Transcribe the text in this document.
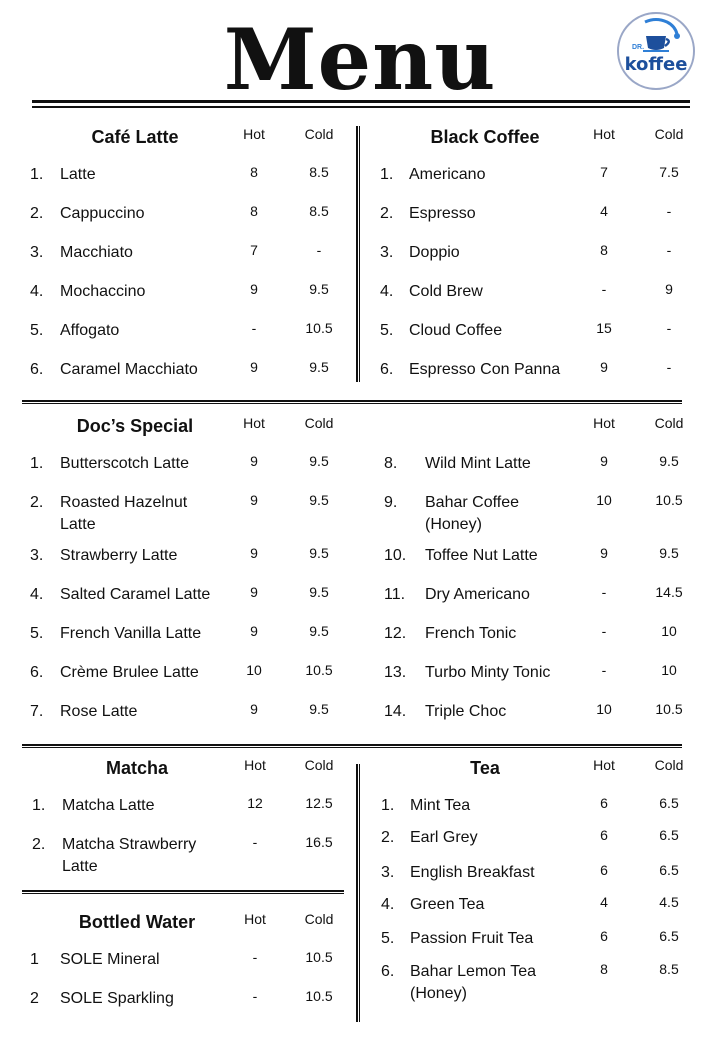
Menu	DR.
koffee
Café Latte	Hot	Cold
1. Latte	8	8.5
2. Cappuccino	8	8.5
3. Macchiato	7	-
4. Mochaccino	9	9.5
5. Affogato	-	10.5
6. Caramel Macchiato	9	9.5
Black Coffee	Hot	Cold
1. Americano	7	7.5
2. Espresso	4	-
3. Doppio	8	-
4. Cold Brew	-	9
5. Cloud Coffee	15	-
6. Espresso Con Panna	9	-
Doc’s Special	Hot	Cold	Hot	Cold
1. Butterscotch Latte	9	9.5
2. Roasted Hazelnut
Latte
9	9.5
3. Strawberry Latte	9	9.5
4. Salted Caramel Latte	9	9.5
5. French Vanilla Latte	9	9.5
6. Crème Brulee Latte	10	10.5
7. Rose Latte	9	9.5
8. Wild Mint Latte	9	9.5
9. Bahar Coffee
(Honey)
10	10.5
10. Toffee Nut Latte	9	9.5
11. Dry Americano	-	14.5
12. French Tonic	-	10
13. Turbo Minty Tonic	-	10
14. Triple Choc	10	10.5
Matcha	Hot	Cold
1. Matcha Latte	12	12.5
2. Matcha Strawberry
Latte
-	16.5
Bottled Water	Hot	Cold
1 SOLE Mineral	-	10.5
2 SOLE Sparkling	-	10.5
Tea	Hot	Cold
1. Mint Tea	6	6.5
2. Earl Grey	6	6.5
3. English Breakfast	6	6.5
4. Green Tea	4	4.5
5. Passion Fruit Tea	6	6.5
6. Bahar Lemon Tea
(Honey)
8	8.5
